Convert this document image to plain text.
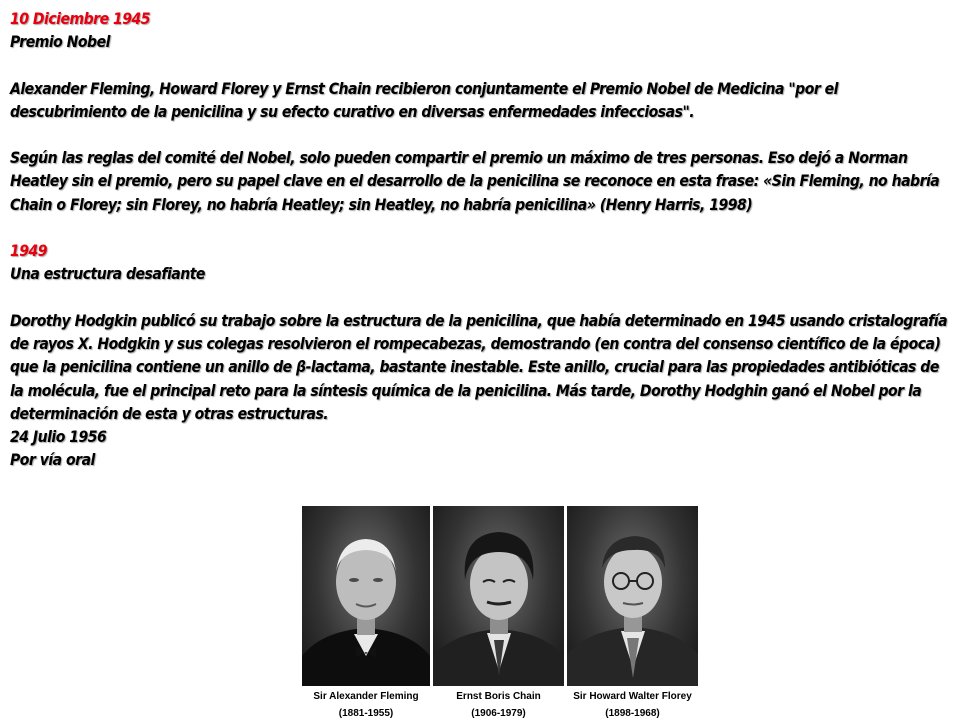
10 Diciembre 1945

Premio Nobel

Alexander Fleming, Howard Florey y Ernst Chain recibieron conjuntamente el Premio Nobel de Medicina "por el descubrimiento de la penicilina y su efecto curativo en diversas enfermedades infecciosas".

Según las reglas del comité del Nobel, solo pueden compartir el premio un máximo de tres personas. Eso dejó a Norman Heatley sin el premio, pero su papel clave en el desarrollo de la penicilina se reconoce en esta frase: «Sin Fleming, no habría Chain o Florey; sin Florey, no habría Heatley; sin Heatley, no habría penicilina» (Henry Harris, 1998)

1949

Una estructura desafiante

Dorothy Hodgkin publicó su trabajo sobre la estructura de la penicilina, que había determinado en 1945 usando cristalografía de rayos X. Hodgkin y sus colegas resolvieron el rompecabezas, demostrando (en contra del consenso científico de la época) que la penicilina contiene un anillo de β-lactama, bastante inestable. Este anillo, crucial para las propiedades antibióticas de la molécula, fue el principal reto para la síntesis química de la penicilina. Más tarde, Dorothy Hodghin ganó el Nobel por la determinación de esta y otras estructuras.

24 Julio 1956

Por vía oral

Sir Alexander Fleming
(1881-1955)
Ernst Boris Chain
(1906-1979)
Sir Howard Walter Florey
(1898-1968)
